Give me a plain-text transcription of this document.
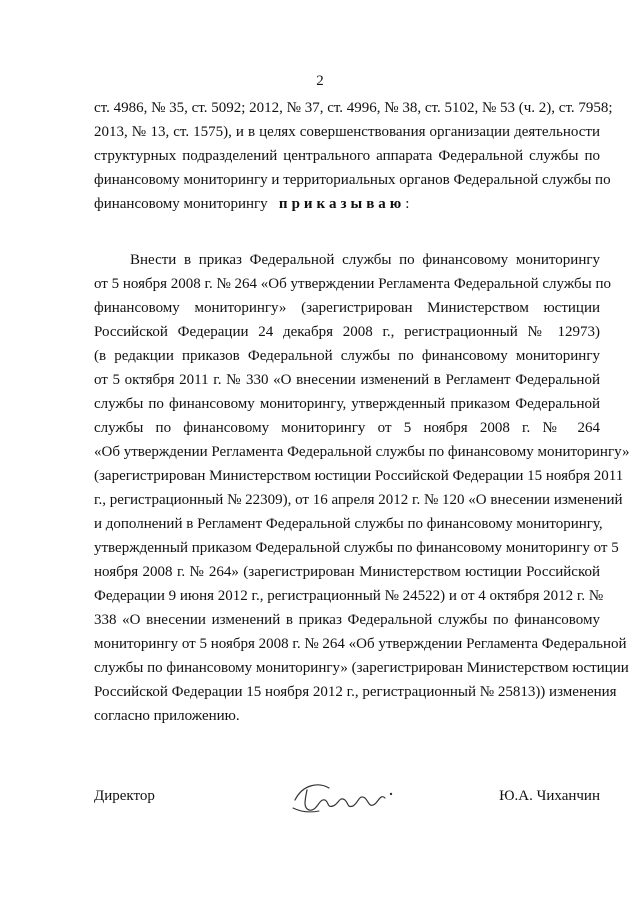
2
ст. 4986, № 35, ст. 5092; 2012, № 37, ст. 4996, № 38, ст. 5102, № 53 (ч. 2), ст. 7958;
2013, № 13, ст. 1575), и в целях совершенствования организации деятельности
структурных подразделений центрального аппарата Федеральной службы по
финансовому мониторингу и территориальных органов Федеральной службы по
финансовому мониторингу приказываю:
Внести в приказ Федеральной службы по финансовому мониторингу
от 5 ноября 2008 г. № 264 «Об утверждении Регламента Федеральной службы по
финансовому мониторингу» (зарегистрирован Министерством юстиции
Российской Федерации 24 декабря 2008 г., регистрационный № 12973)
(в редакции приказов Федеральной службы по финансовому мониторингу
от 5 октября 2011 г. № 330 «О внесении изменений в Регламент Федеральной
службы по финансовому мониторингу, утвержденный приказом Федеральной
службы по финансовому мониторингу от 5 ноября 2008 г. № 264
«Об утверждении Регламента Федеральной службы по финансовому мониторингу»
(зарегистрирован Министерством юстиции Российской Федерации 15 ноября 2011
г., регистрационный № 22309), от 16 апреля 2012 г. № 120 «О внесении изменений
и дополнений в Регламент Федеральной службы по финансовому мониторингу,
утвержденный приказом Федеральной службы по финансовому мониторингу от 5
ноября 2008 г. № 264» (зарегистрирован Министерством юстиции Российской
Федерации 9 июня 2012 г., регистрационный № 24522) и от 4 октября 2012 г. №
338 «О внесении изменений в приказ Федеральной службы по финансовому
мониторингу от 5 ноября 2008 г. № 264 «Об утверждении Регламента Федеральной
службы по финансовому мониторингу» (зарегистрирован Министерством юстиции
Российской Федерации 15 ноября 2012 г., регистрационный № 25813)) изменения
согласно приложению.
Директор	Ю.А. Чиханчин
